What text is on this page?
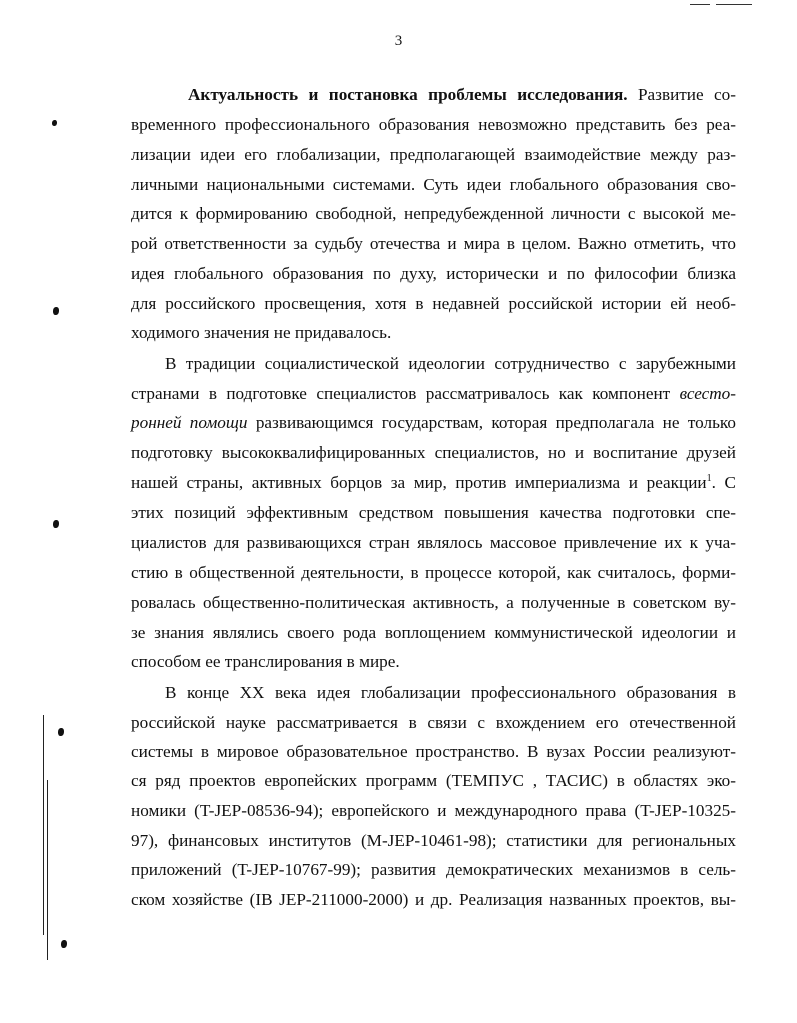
3
Актуальность и постановка проблемы исследования. Развитие со-
временного профессионального образования невозможно представить без реа-
лизации идеи его глобализации, предполагающей взаимодействие между раз-
личными национальными системами. Суть идеи глобального образования сво-
дится к формированию свободной, непредубежденной личности с высокой ме-
рой ответственности за судьбу отечества и мира в целом. Важно отметить, что
идея глобального образования по духу, исторически и по философии близка
для российского просвещения, хотя в недавней российской истории ей необ-
ходимого значения не придавалось.
В традиции социалистической идеологии сотрудничество с зарубежными
странами в подготовке специалистов рассматривалось как компонент всесто-
ронней помощи развивающимся государствам, которая предполагала не только
подготовку высококвалифицированных специалистов, но и воспитание друзей
нашей страны, активных борцов за мир, против империализма и реакции$^1$. С
этих позиций эффективным средством повышения качества подготовки спе-
циалистов для развивающихся стран являлось массовое привлечение их к уча-
стию в общественной деятельности, в процессе которой, как считалось, форми-
ровалась общественно-политическая активность, а полученные в советском ву-
зе знания являлись своего рода воплощением коммунистической идеологии и
способом ее транслирования в мире.
В конце XX века идея глобализации профессионального образования в
российской науке рассматривается в связи с вхождением его отечественной
системы в мировое образовательное пространство. В вузах России реализуют-
ся ряд проектов европейских программ (ТЕМПУС , ТАСИС) в областях эко-
номики (T-JEP-08536-94); европейского и международного права (T-JEP-10325-
97), финансовых институтов (M-JEP-10461-98); статистики для региональных
приложений (T-JEP-10767-99); развития демократических механизмов в сель-
ском хозяйстве (IB JEP-211000-2000) и др. Реализация названных проектов, вы-
